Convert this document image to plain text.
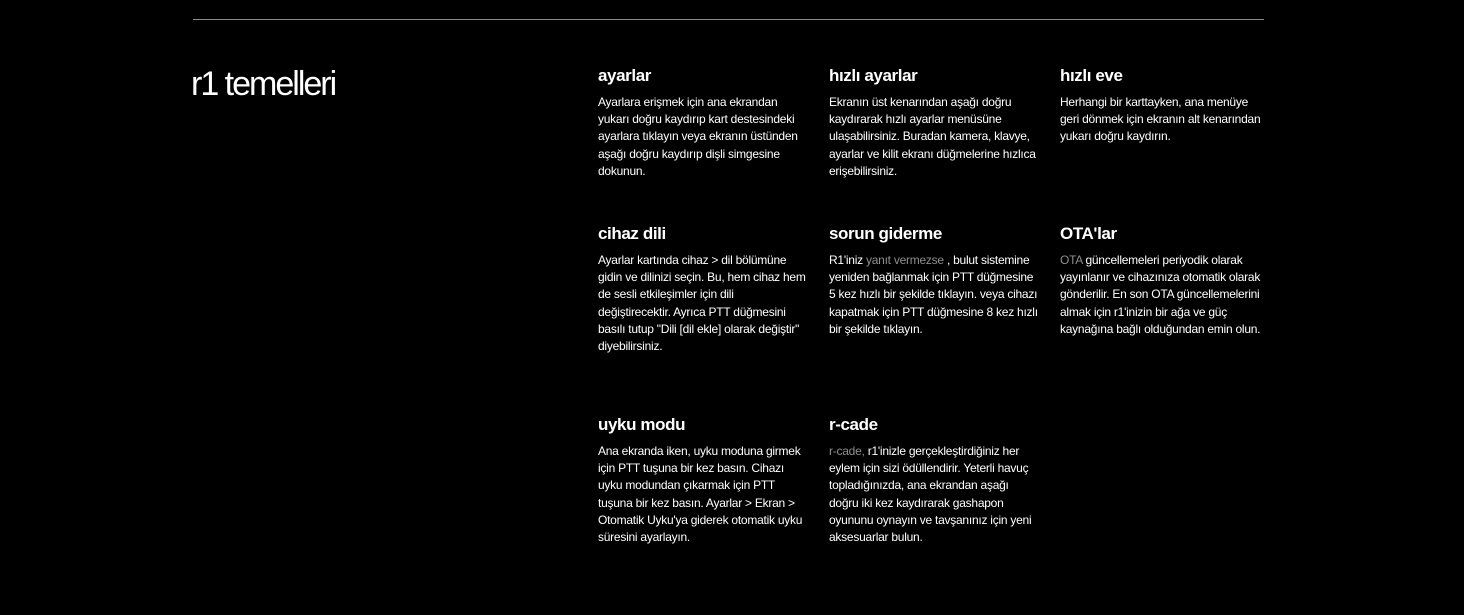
r1 temelleri	ayarlar

Ayarlara erişmek için ana ekrandan yukarı doğru kaydırıp kart destesindeki ayarlara tıklayın veya ekranın üstünden aşağı doğru kaydırıp dişli simgesine dokunun.

hızlı ayarlar

Ekranın üst kenarından aşağı doğru kaydırarak hızlı ayarlar menüsüne ulaşabilirsiniz. Buradan kamera, klavye, ayarlar ve kilit ekranı düğmelerine hızlıca erişebilirsiniz.

hızlı eve

Herhangi bir karttayken, ana menüye geri dönmek için ekranın alt kenarından yukarı doğru kaydırın.

cihaz dili

Ayarlar kartında cihaz > dil bölümüne gidin ve dilinizi seçin. Bu, hem cihaz hem de sesli etkileşimler için dili değiştirecektir. Ayrıca PTT düğmesini basılı tutup "Dili [dil ekle] olarak değiştir" diyebilirsiniz.

sorun giderme

R1'iniz yanıt vermezse , bulut sistemine yeniden bağlanmak için PTT düğmesine 5 kez hızlı bir şekilde tıklayın. veya cihazı kapatmak için PTT düğmesine 8 kez hızlı bir şekilde tıklayın.

OTA'lar

OTA güncellemeleri periyodik olarak yayınlanır ve cihazınıza otomatik olarak gönderilir. En son OTA güncellemelerini almak için r1'inizin bir ağa ve güç kaynağına bağlı olduğundan emin olun.

uyku modu

Ana ekranda iken, uyku moduna girmek için PTT tuşuna bir kez basın. Cihazı uyku modundan çıkarmak için PTT tuşuna bir kez basın. Ayarlar > Ekran > Otomatik Uyku'ya giderek otomatik uyku süresini ayarlayın.

r-cade

r-cade, r1'inizle gerçekleştirdiğiniz her eylem için sizi ödüllendirir. Yeterli havuç topladığınızda, ana ekrandan aşağı doğru iki kez kaydırarak gashapon oyununu oynayın ve tavşanınız için yeni aksesuarlar bulun.
